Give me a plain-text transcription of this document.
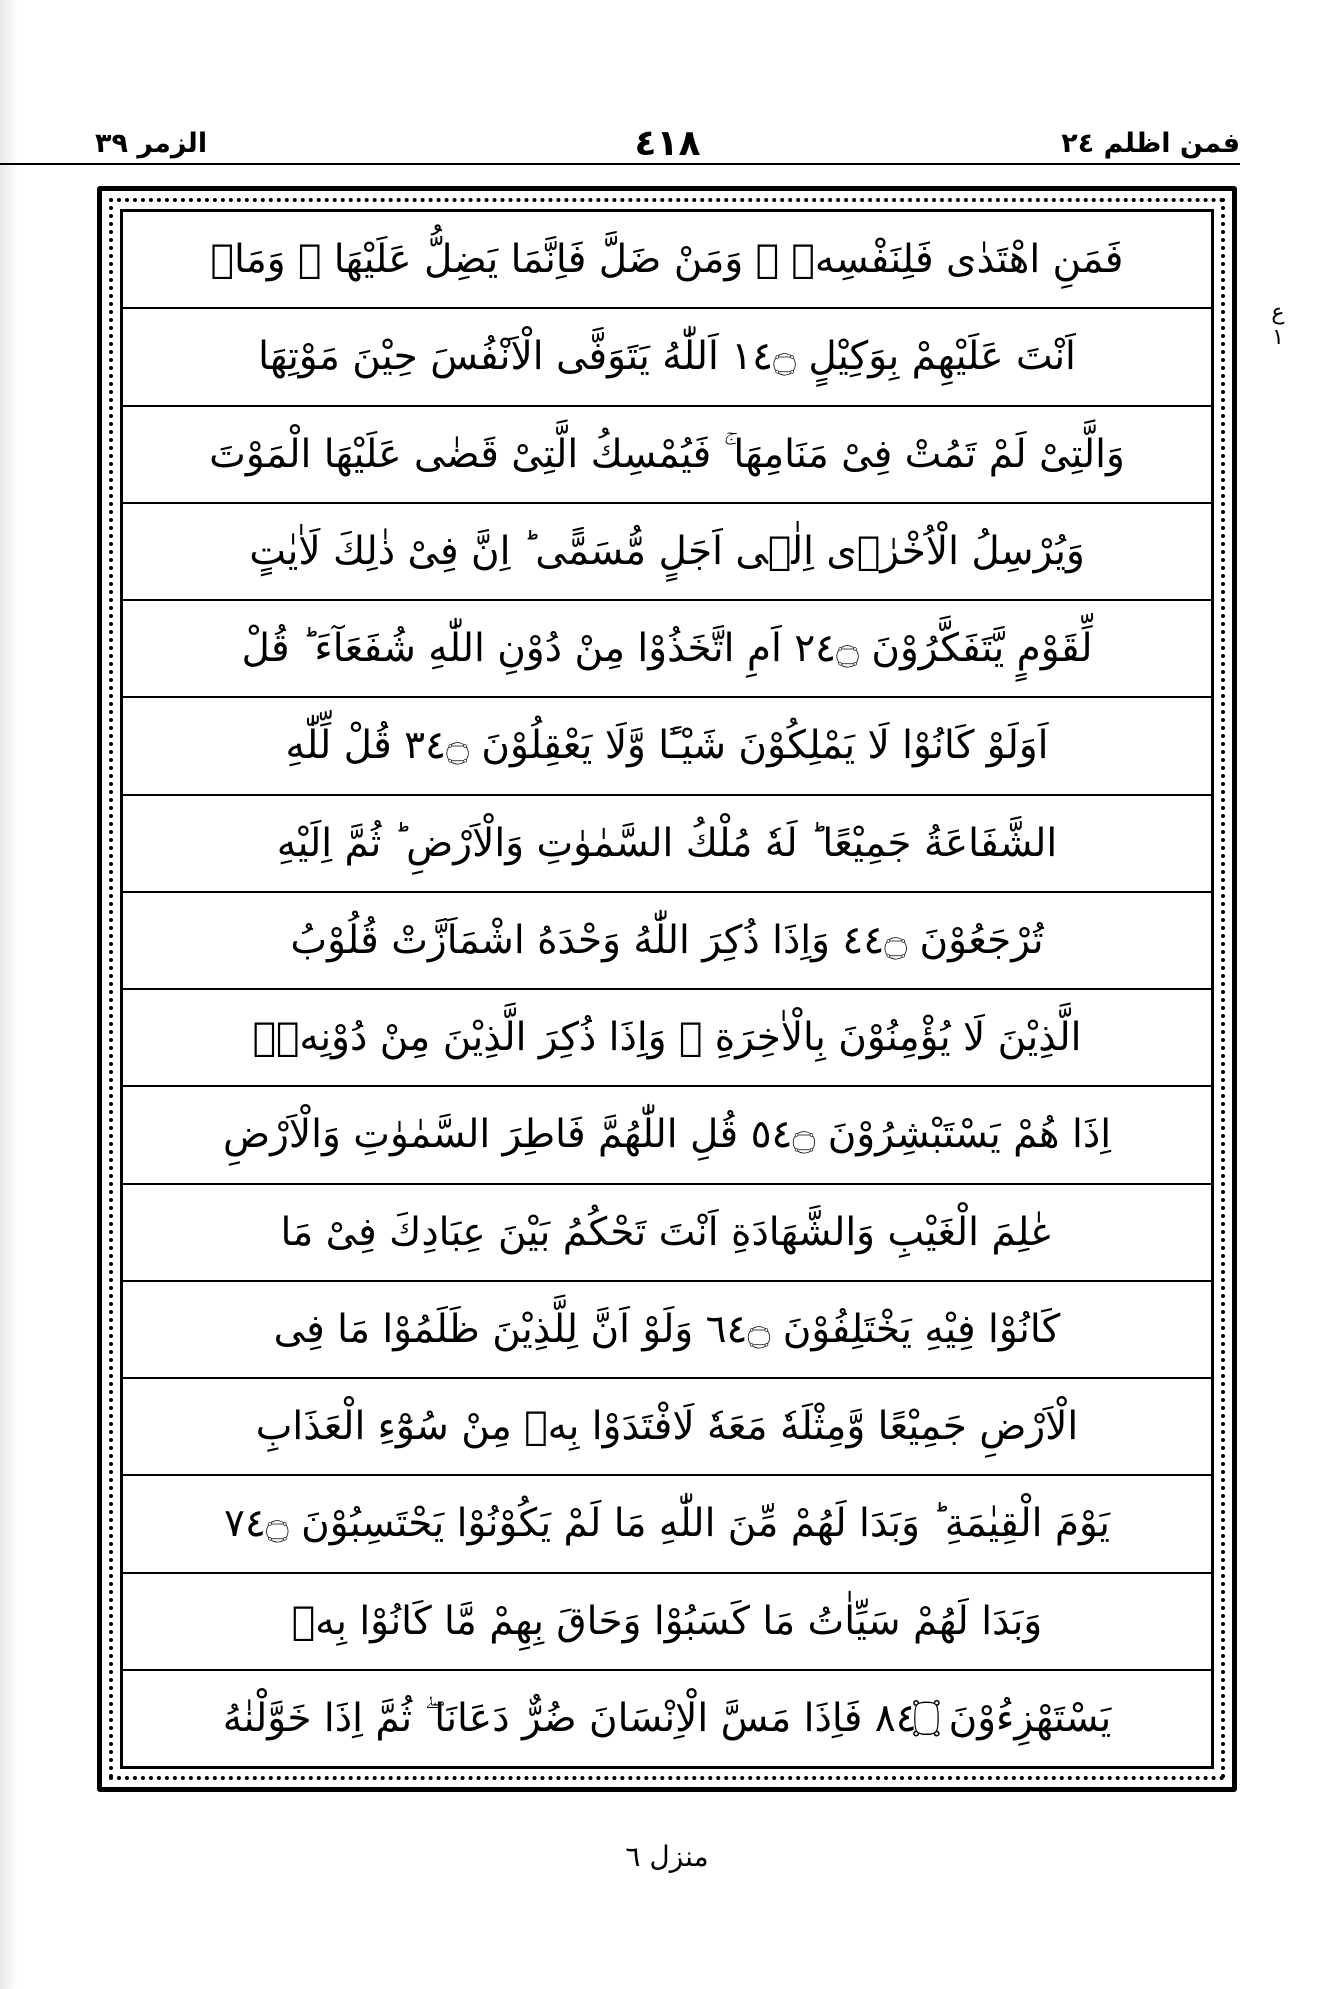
فمن اظلم ٢٤
٤١٨
الزمر ٣٩
ع
١
فَمَنِ اهْتَدٰى فَلِنَفْسِهٖ ۚ وَمَنْ ضَلَّ فَاِنَّمَا يَضِلُّ عَلَيْهَا ۚ وَمَاۤ
اَنْتَ عَلَيْهِمْ بِوَكِيْلٍ ۝٤١ اَللّٰهُ يَتَوَفَّى الْاَنْفُسَ حِيْنَ مَوْتِهَا
وَالَّتِىْ لَمْ تَمُتْ فِىْ مَنَامِهَا ۚ فَيُمْسِكُ الَّتِىْ قَضٰى عَلَيْهَا الْمَوْتَ
وَيُرْسِلُ الْاُخْرٰۤى اِلٰۤى اَجَلٍ مُّسَمًّى ؕ اِنَّ فِىْ ذٰلِكَ لَاٰيٰتٍ
لِّقَوْمٍ يَّتَفَكَّرُوْنَ ۝٤٢ اَمِ اتَّخَذُوْا مِنْ دُوْنِ اللّٰهِ شُفَعَآءَ ؕ قُلْ
اَوَلَوْ كَانُوْا لَا يَمْلِكُوْنَ شَيْـًٔا وَّلَا يَعْقِلُوْنَ ۝٤٣ قُلْ لِّلّٰهِ
الشَّفَاعَةُ جَمِيْعًا ؕ لَهٗ مُلْكُ السَّمٰوٰتِ وَالْاَرْضِ ؕ ثُمَّ اِلَيْهِ
تُرْجَعُوْنَ ۝٤٤ وَاِذَا ذُكِرَ اللّٰهُ وَحْدَهُ اشْمَاَزَّتْ قُلُوْبُ
الَّذِيْنَ لَا يُؤْمِنُوْنَ بِالْاٰخِرَةِ ۚ وَاِذَا ذُكِرَ الَّذِيْنَ مِنْ دُوْنِهٖۤ
اِذَا هُمْ يَسْتَبْشِرُوْنَ ۝٤٥ قُلِ اللّٰهُمَّ فَاطِرَ السَّمٰوٰتِ وَالْاَرْضِ
عٰلِمَ الْغَيْبِ وَالشَّهَادَةِ اَنْتَ تَحْكُمُ بَيْنَ عِبَادِكَ فِىْ مَا
كَانُوْا فِيْهِ يَخْتَلِفُوْنَ ۝٤٦ وَلَوْ اَنَّ لِلَّذِيْنَ ظَلَمُوْا مَا فِى
الْاَرْضِ جَمِيْعًا وَّمِثْلَهٗ مَعَهٗ لَافْتَدَوْا بِهٖ مِنْ سُوْٓءِ الْعَذَابِ
يَوْمَ الْقِيٰمَةِ ؕ وَبَدَا لَهُمْ مِّنَ اللّٰهِ مَا لَمْ يَكُوْنُوْا يَحْتَسِبُوْنَ ۝٤٧
وَبَدَا لَهُمْ سَيِّاٰتُ مَا كَسَبُوْا وَحَاقَ بِهِمْ مَّا كَانُوْا بِهٖ
يَسْتَهْزِءُوْنَ ۝٤٨ فَاِذَا مَسَّ الْاِنْسَانَ ضُرٌّ دَعَانَا ۖ ثُمَّ اِذَا خَوَّلْنٰهُ
منزل ٦
